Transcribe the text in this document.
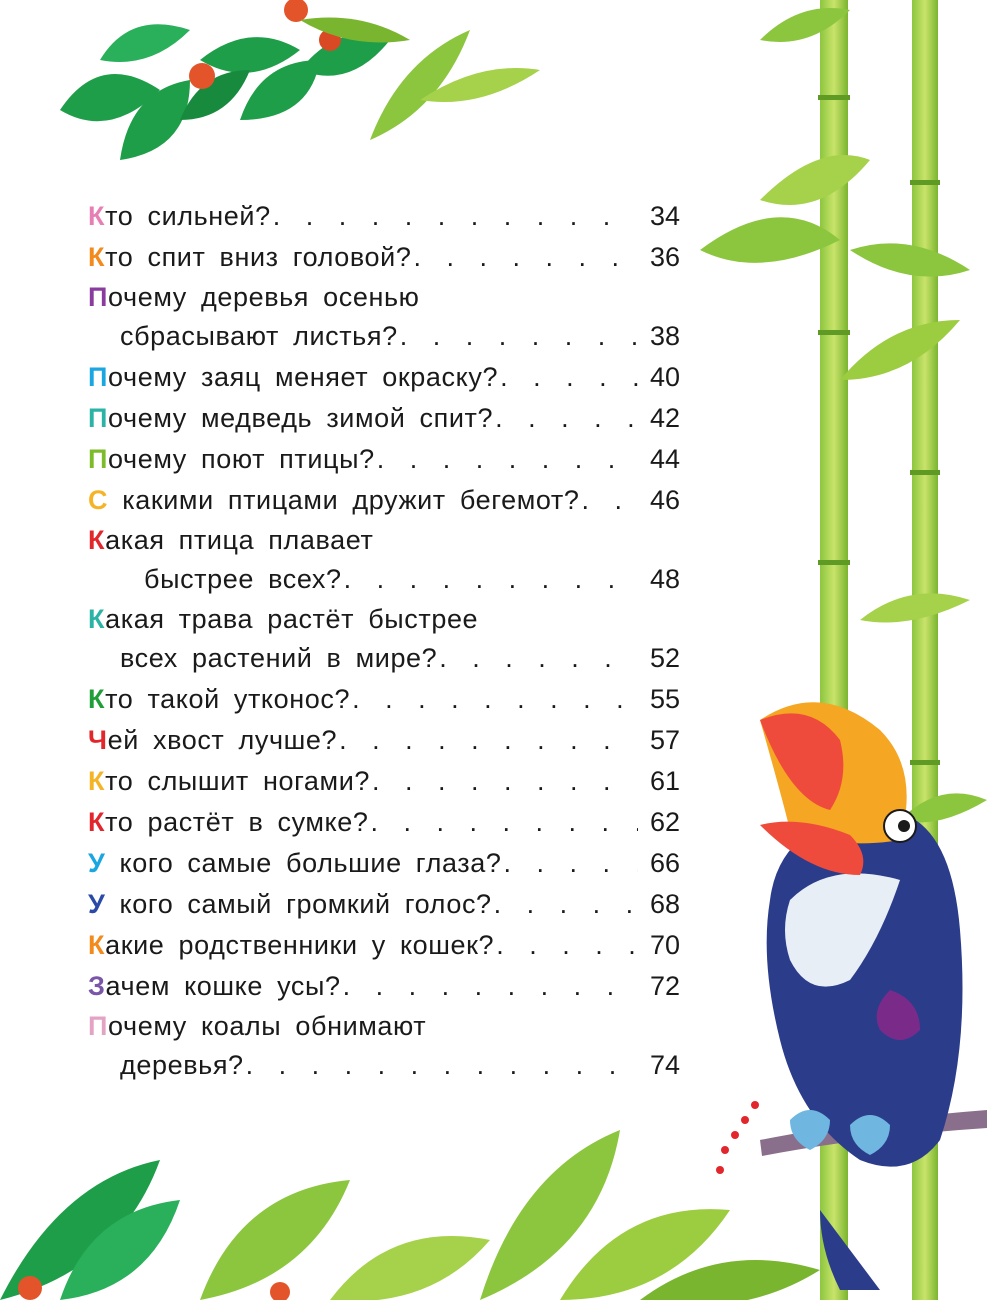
Кто сильней? . . .	34
Кто спит вниз головой? . . .	36
Почему деревья осенью
сбрасывают листья? . . .	38
Почему заяц меняет окраску? . . .	40
Почему медведь зимой спит? . . .	42
Почему поют птицы? . . .	44
С какими птицами дружит бегемот? . . .	46
Какая птица плавает
быстрее всех? . . .	48
Какая трава растёт быстрее
всех растений в мире? . . .	52
Кто такой утконос? . . .	55
Чей хвост лучше? . . .	57
Кто слышит ногами? . . .	61
Кто растёт в сумке? . . .	62
У кого самые большие глаза? . . .	66
У кого самый громкий голос? . . .	68
Какие родственники у кошек? . . .	70
Зачем кошке усы? . . .	72
Почему коалы обнимают
деревья? . . .	74
